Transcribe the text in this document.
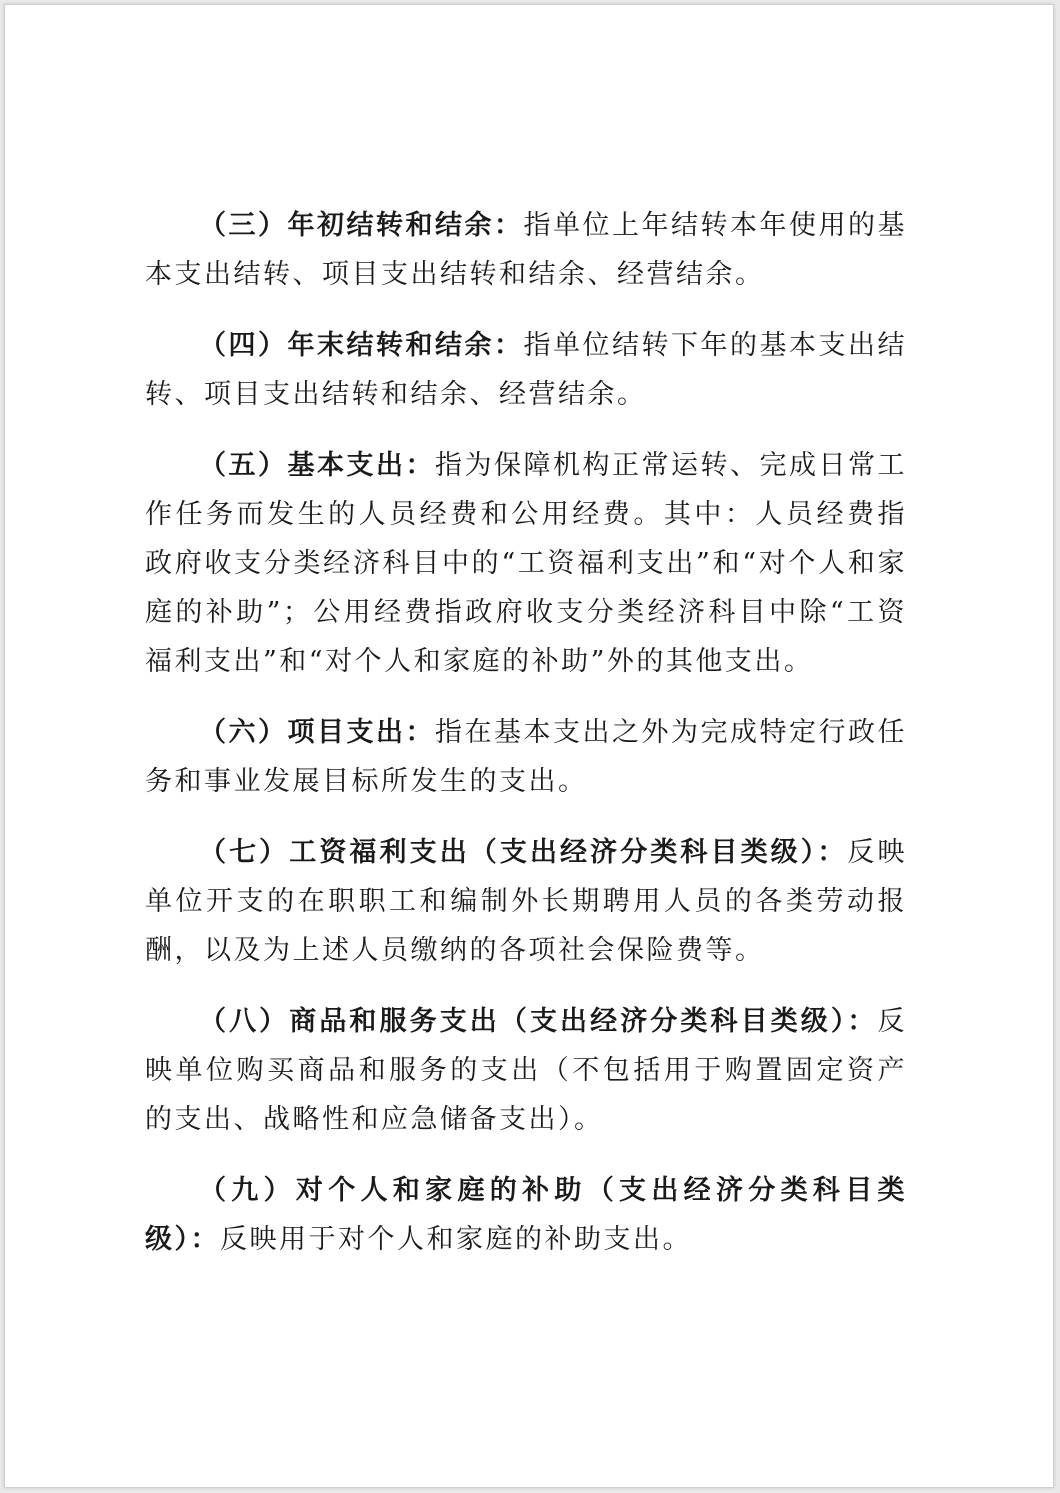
（三）年初结转和结余：指单位上年结转本年使用的基本支出结转、项目支出结转和结余、经营结余。

（四）年末结转和结余：指单位结转下年的基本支出结转、项目支出结转和结余、经营结余。

（五）基本支出：指为保障机构正常运转、完成日常工作任务而发生的人员经费和公用经费。其中：人员经费指政府收支分类经济科目中的“工资福利支出”和“对个人和家庭的补助”；公用经费指政府收支分类经济科目中除“工资福利支出”和“对个人和家庭的补助”外的其他支出。

（六）项目支出：指在基本支出之外为完成特定行政任务和事业发展目标所发生的支出。

（七）工资福利支出（支出经济分类科目类级）：反映单位开支的在职职工和编制外长期聘用人员的各类劳动报酬，以及为上述人员缴纳的各项社会保险费等。

（八）商品和服务支出（支出经济分类科目类级）：反映单位购买商品和服务的支出（不包括用于购置固定资产的支出、战略性和应急储备支出）。

（九）对个人和家庭的补助（支出经济分类科目类级）：反映用于对个人和家庭的补助支出。
